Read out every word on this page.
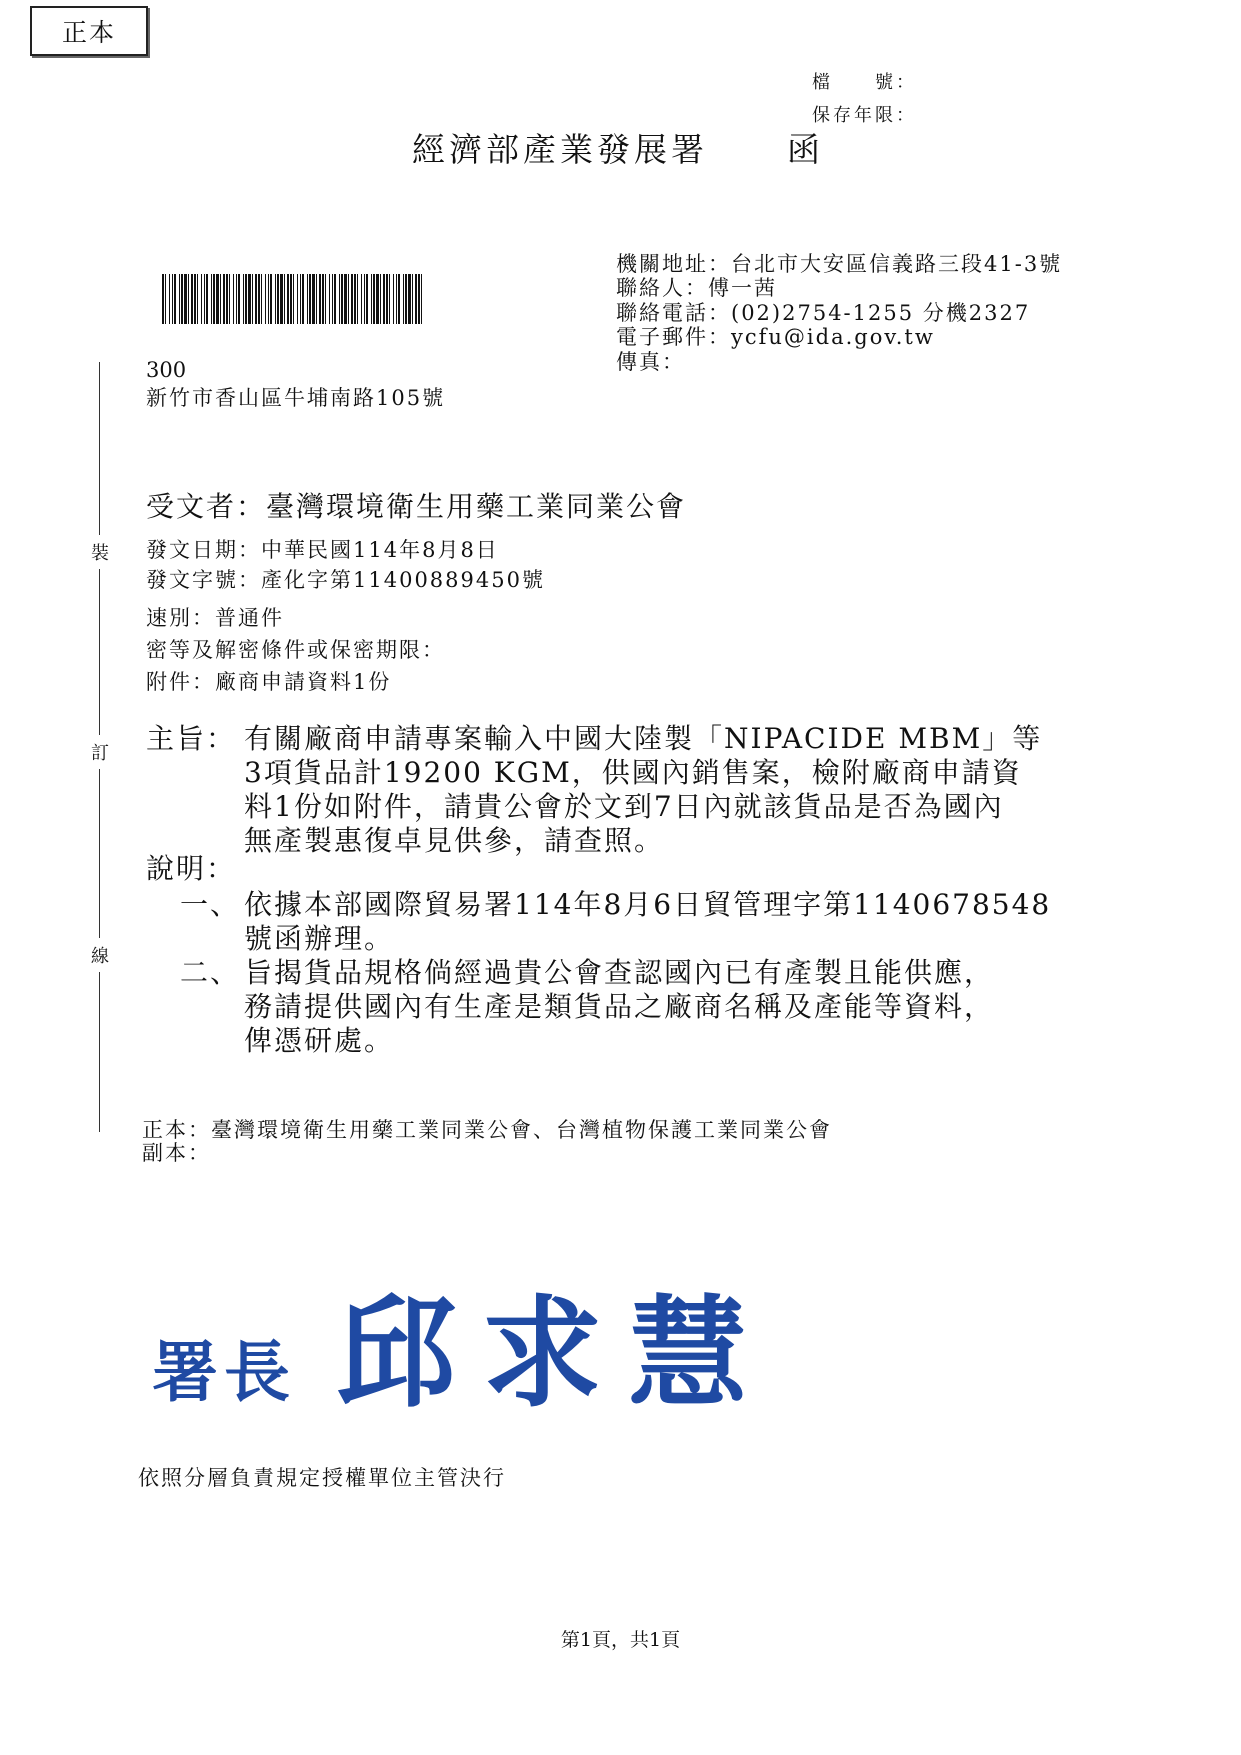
正本
檔　　號：
保存年限：
經濟部產業發展署 函
機關地址：台北市大安區信義路三段41-3號
聯絡人：傅一茜
聯絡電話：(02)2754-1255 分機2327
電子郵件：ycfu@ida.gov.tw
傳真：
300
新竹市香山區牛埔南路105號
裝
訂
線
受文者：臺灣環境衛生用藥工業同業公會
發文日期：中華民國114年8月8日
發文字號：產化字第11400889450號
速別：普通件
密等及解密條件或保密期限：
附件：廠商申請資料1份
主旨： 有關廠商申請專案輸入中國大陸製「NIPACIDE MBM」等
3項貨品計19200 KGM，供國內銷售案，檢附廠商申請資
料1份如附件，請貴公會於文到7日內就該貨品是否為國內
無產製惠復卓見供參，請查照。
說明：
一、 依據本部國際貿易署114年8月6日貿管理字第1140678548
號函辦理。
二、 旨揭貨品規格倘經過貴公會查認國內已有產製且能供應，
務請提供國內有生產是類貨品之廠商名稱及產能等資料，
俾憑研處。
正本：臺灣環境衛生用藥工業同業公會、台灣植物保護工業同業公會
副本：
署長 邱求慧
依照分層負責規定授權單位主管決行
第1頁，共1頁
